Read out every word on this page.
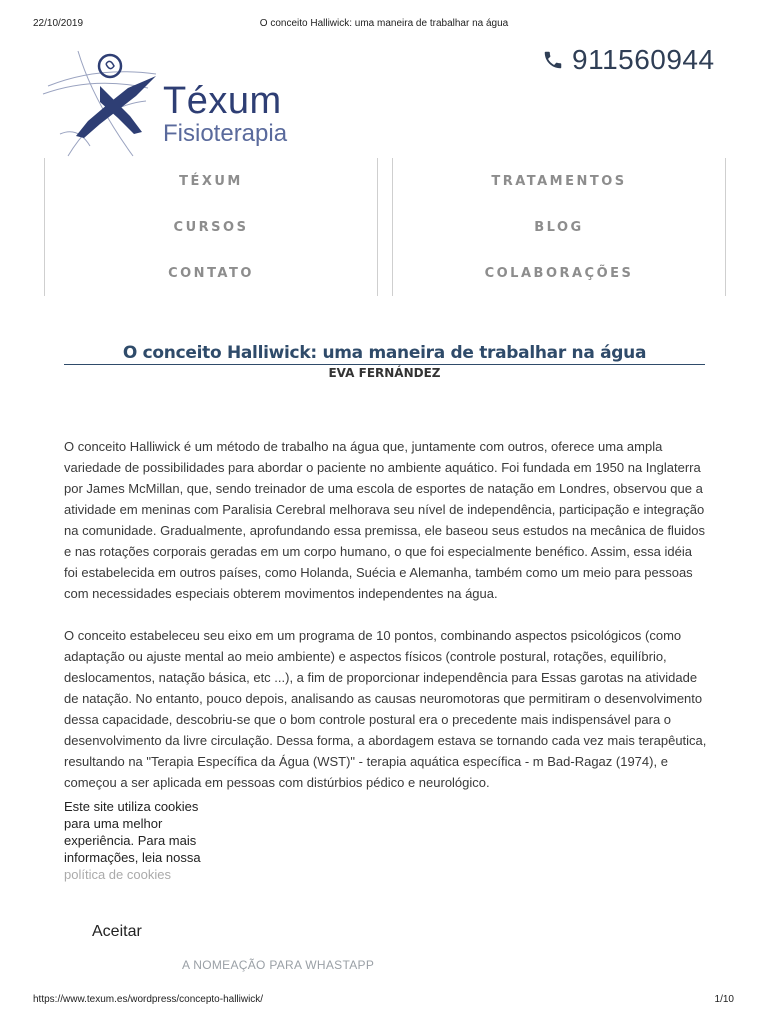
22/10/2019	O conceito Halliwick: uma maneira de trabalhar na água
Téxum
Fisioterapia
911560944
TÉXUM	TRATAMENTOS
CURSOS	BLOG
CONTATO	COLABORAÇÕES
O conceito Halliwick: uma maneira de trabalhar na água
EVA FERNÁNDEZ

O conceito Halliwick é um método de trabalho na água que, juntamente com outros, oferece uma ampla variedade de possibilidades para abordar o paciente no ambiente aquático. Foi fundada em 1950 na Inglaterra por James McMillan, que, sendo treinador de uma escola de esportes de natação em Londres, observou que a atividade em meninas com Paralisia Cerebral melhorava seu nível de independência, participação e integração na comunidade. Gradualmente, aprofundando essa premissa, ele baseou seus estudos na mecânica de fluidos e nas rotações corporais geradas em um corpo humano, o que foi especialmente benéfico. Assim, essa idéia foi estabelecida em outros países, como Holanda, Suécia e Alemanha, também como um meio para pessoas com necessidades especiais obterem movimentos independentes na água.

O conceito estabeleceu seu eixo em um programa de 10 pontos, combinando aspectos psicológicos (como adaptação ou ajuste mental ao meio ambiente) e aspectos físicos (controle postural, rotações, equilíbrio, deslocamentos, natação básica, etc ...), a fim de proporcionar independência para Essas garotas na atividade de natação. No entanto, pouco depois, analisando as causas neuromotoras que permitiram o desenvolvimento dessa capacidade, descobriu-se que o bom controle postural era o precedente mais indispensável para o desenvolvimento da livre circulação. Dessa forma, a abordagem estava se tornando cada vez mais terapêutica, resultando na "Terapia Específica da Água (WST)" - terapia aquática específica - m Bad-Ragaz (1974), e começou a ser aplicada em pessoas com distúrbios pédico e neurológico.

Este site utiliza cookies para uma melhor experiência. Para mais informações, leia nossa política de cookies
Aceitar
A NOMEAÇÃO PARA WHASTAPP
https://www.texum.es/wordpress/concepto-halliwick/	1/10
